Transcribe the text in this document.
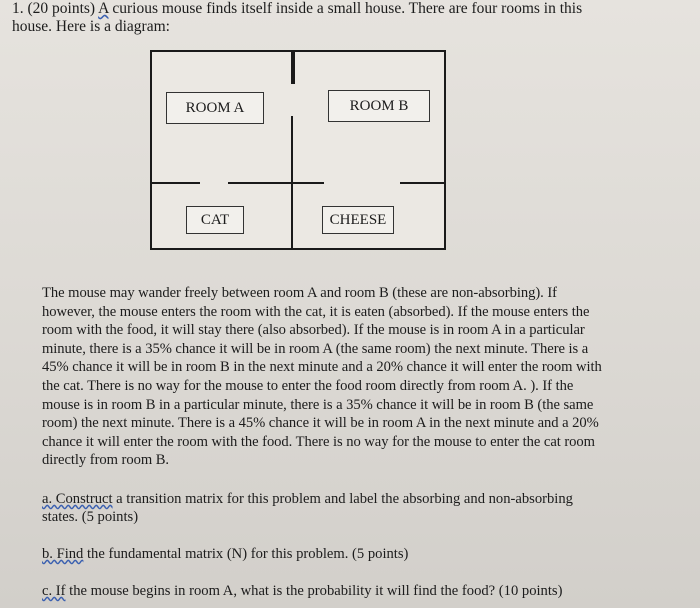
1. (20 points) A curious mouse finds itself inside a small house. There are four rooms in this
house. Here is a diagram:
ROOM A	ROOM B
CAT	CHEESE
The mouse may wander freely between room A and room B (these are non-absorbing). If
however, the mouse enters the room with the cat, it is eaten (absorbed). If the mouse enters the
room with the food, it will stay there (also absorbed). If the mouse is in room A in a particular
minute, there is a 35% chance it will be in room A (the same room) the next minute. There is a
45% chance it will be in room B in the next minute and a 20% chance it will enter the room with
the cat. There is no way for the mouse to enter the food room directly from room A. ). If the
mouse is in room B in a particular minute, there is a 35% chance it will be in room B (the same
room) the next minute. There is a 45% chance it will be in room A in the next minute and a 20%
chance it will enter the room with the food. There is no way for the mouse to enter the cat room
directly from room B.
a. Construct a transition matrix for this problem and label the absorbing and non-absorbing
states. (5 points)
b. Find the fundamental matrix (N) for this problem. (5 points)
c. If the mouse begins in room A, what is the probability it will find the food? (10 points)
